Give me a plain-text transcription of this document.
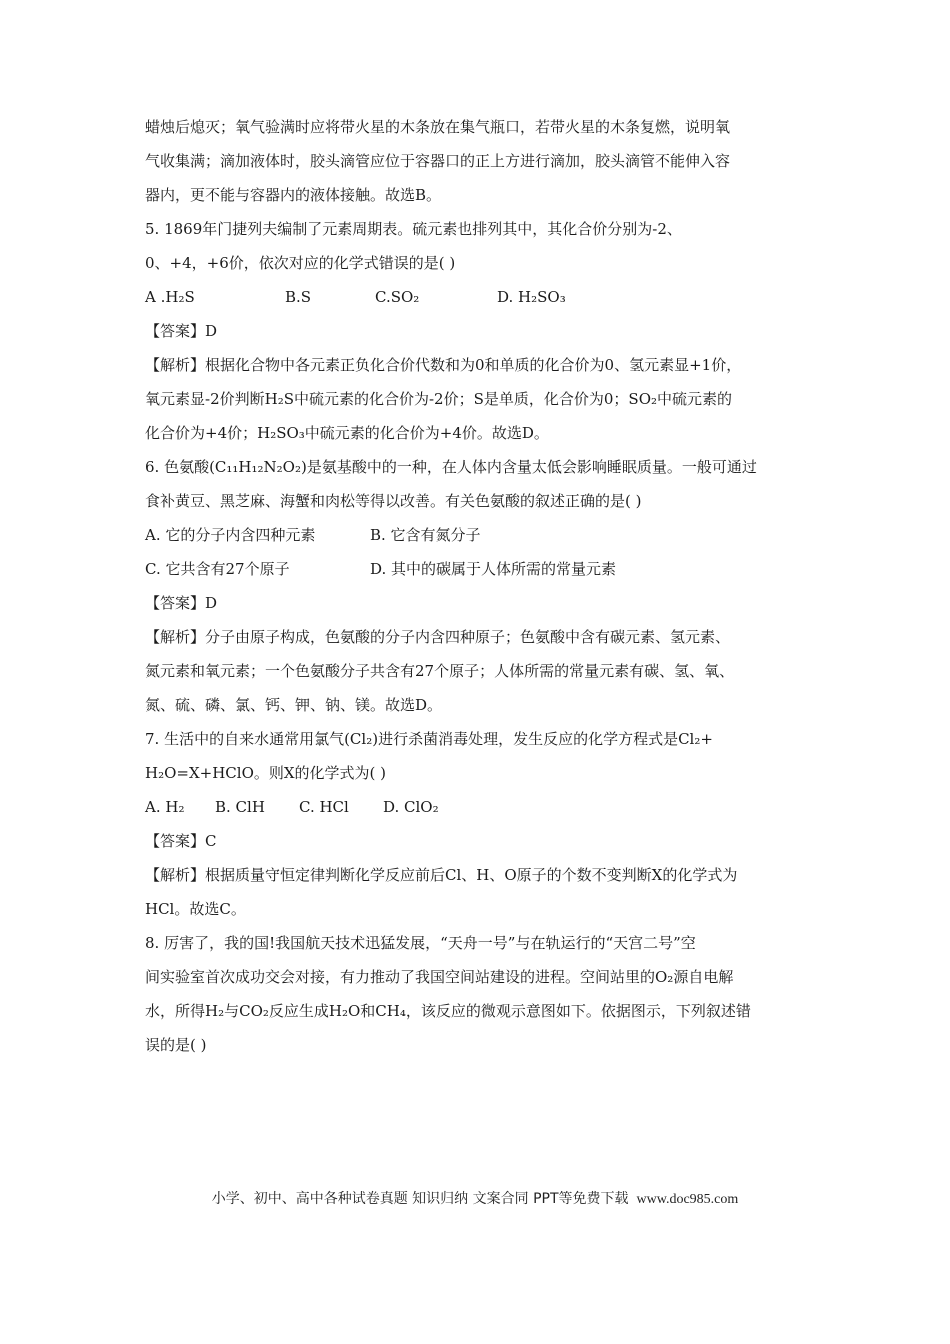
蜡烛后熄灭；氧气验满时应将带火星的木条放在集气瓶口，若带火星的木条复燃，说明氧
气收集满；滴加液体时，胶头滴管应位于容器口的正上方进行滴加，胶头滴管不能伸入容
器内，更不能与容器内的液体接触。故选B。
5. 1869年门捷列夫编制了元素周期表。硫元素也排列其中，其化合价分别为-2、
0、+4，+6价，依次对应的化学式错误的是( )
A .H₂S	B.S	C.SO₂	D. H₂SO₃
【答案】D
【解析】根据化合物中各元素正负化合价代数和为0和单质的化合价为0、氢元素显+1价，
氧元素显-2价判断H₂S中硫元素的化合价为-2价；S是单质，化合价为0；SO₂中硫元素的
化合价为+4价；H₂SO₃中硫元素的化合价为+4价。故选D。
6. 色氨酸(C₁₁H₁₂N₂O₂)是氨基酸中的一种，在人体内含量太低会影响睡眠质量。一般可通过
食补黄豆、黑芝麻、海蟹和肉松等得以改善。有关色氨酸的叙述正确的是( )
A. 它的分子内含四种元素	B. 它含有氮分子
C. 它共含有27个原子	D. 其中的碳属于人体所需的常量元素
【答案】D
【解析】分子由原子构成，色氨酸的分子内含四种原子；色氨酸中含有碳元素、氢元素、
氮元素和氧元素；一个色氨酸分子共含有27个原子；人体所需的常量元素有碳、氢、氧、
氮、硫、磷、氯、钙、钾、钠、镁。故选D。
7. 生活中的自来水通常用氯气(Cl₂)进行杀菌消毒处理，发生反应的化学方程式是Cl₂+
H₂O=X+HClO。则X的化学式为( )
A. H₂ B. ClH C. HCl D. ClO₂
【答案】C
【解析】根据质量守恒定律判断化学反应前后Cl、H、O原子的个数不变判断X的化学式为
HCl。故选C。
8. 厉害了，我的国!我国航天技术迅猛发展，“天舟一号”与在轨运行的“天宫二号”空
间实验室首次成功交会对接，有力推动了我国空间站建设的进程。空间站里的O₂源自电解
水，所得H₂与CO₂反应生成H₂O和CH₄，该反应的微观示意图如下。依据图示，下列叙述错
误的是( )
小学、初中、高中各种试卷真题 知识归纳 文案合同 PPT等免费下载 www.doc985.com
